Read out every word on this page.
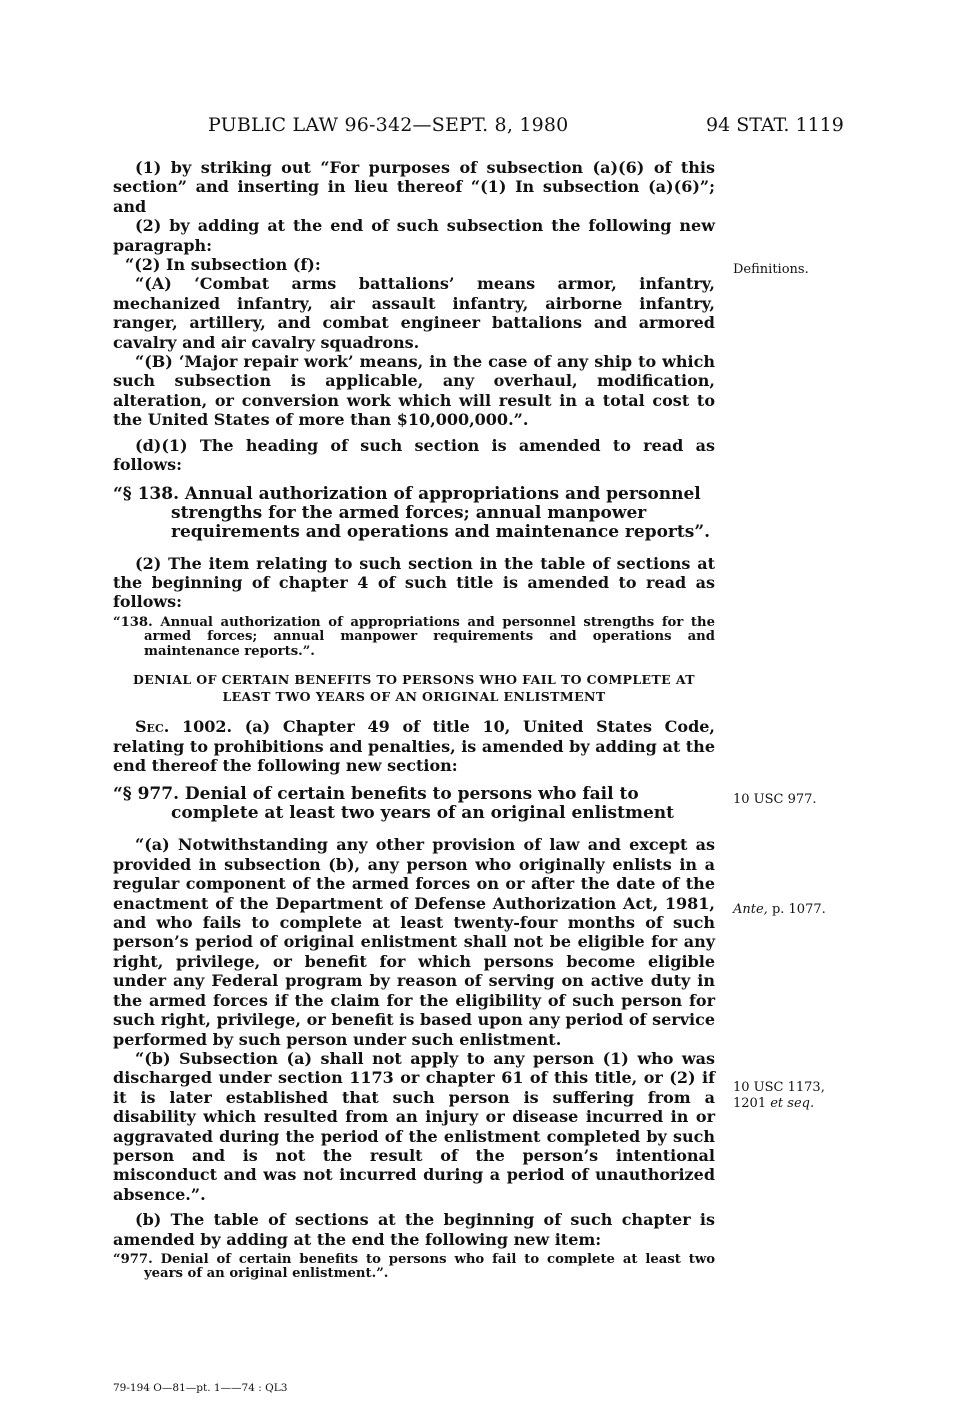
PUBLIC LAW 96-342—SEPT. 8, 1980	94 STAT. 1119

(1) by striking out “For purposes of subsection (a)(6) of this section” and inserting in lieu thereof “(1) In subsection (a)(6)”; and

(2) by adding at the end of such subsection the following new paragraph:

“(2) In subsection (f):

“(A) ‘Combat arms battalions’ means armor, infantry, mechanized infantry, air assault infantry, airborne infantry, ranger, artillery, and combat engineer battalions and armored cavalry and air cavalry squadrons.

“(B) ‘Major repair work’ means, in the case of any ship to which such subsection is applicable, any overhaul, modification, alteration, or conversion work which will result in a total cost to the United States of more than $10,000,000.”.

(d)(1) The heading of such section is amended to read as follows:

“§ 138. Annual authorization of appropriations and personnel strengths for the armed forces; annual manpower requirements and operations and maintenance reports”.

(2) The item relating to such section in the table of sections at the beginning of chapter 4 of such title is amended to read as follows:

“138. Annual authorization of appropriations and personnel strengths for the armed forces; annual manpower requirements and operations and maintenance reports.”.

DENIAL OF CERTAIN BENEFITS TO PERSONS WHO FAIL TO COMPLETE AT LEAST TWO YEARS OF AN ORIGINAL ENLISTMENT

Sec. 1002. (a) Chapter 49 of title 10, United States Code, relating to prohibitions and penalties, is amended by adding at the end thereof the following new section:

“§ 977. Denial of certain benefits to persons who fail to complete at least two years of an original enlistment

“(a) Notwithstanding any other provision of law and except as provided in subsection (b), any person who originally enlists in a regular component of the armed forces on or after the date of the enactment of the Department of Defense Authorization Act, 1981, and who fails to complete at least twenty-four months of such person’s period of original enlistment shall not be eligible for any right, privilege, or benefit for which persons become eligible under any Federal program by reason of serving on active duty in the armed forces if the claim for the eligibility of such person for such right, privilege, or benefit is based upon any period of service performed by such person under such enlistment.

“(b) Subsection (a) shall not apply to any person (1) who was discharged under section 1173 or chapter 61 of this title, or (2) if it is later established that such person is suffering from a disability which resulted from an injury or disease incurred in or aggravated during the period of the enlistment completed by such person and is not the result of the person’s intentional misconduct and was not incurred during a period of unauthorized absence.”.

(b) The table of sections at the beginning of such chapter is amended by adding at the end the following new item:

“977. Denial of certain benefits to persons who fail to complete at least two years of an original enlistment.”.

Definitions.
10 USC 977.
Ante, p. 1077.
10 USC 1173,
1201 et seq.
79-194 O—81—pt. 1——74 : QL3
